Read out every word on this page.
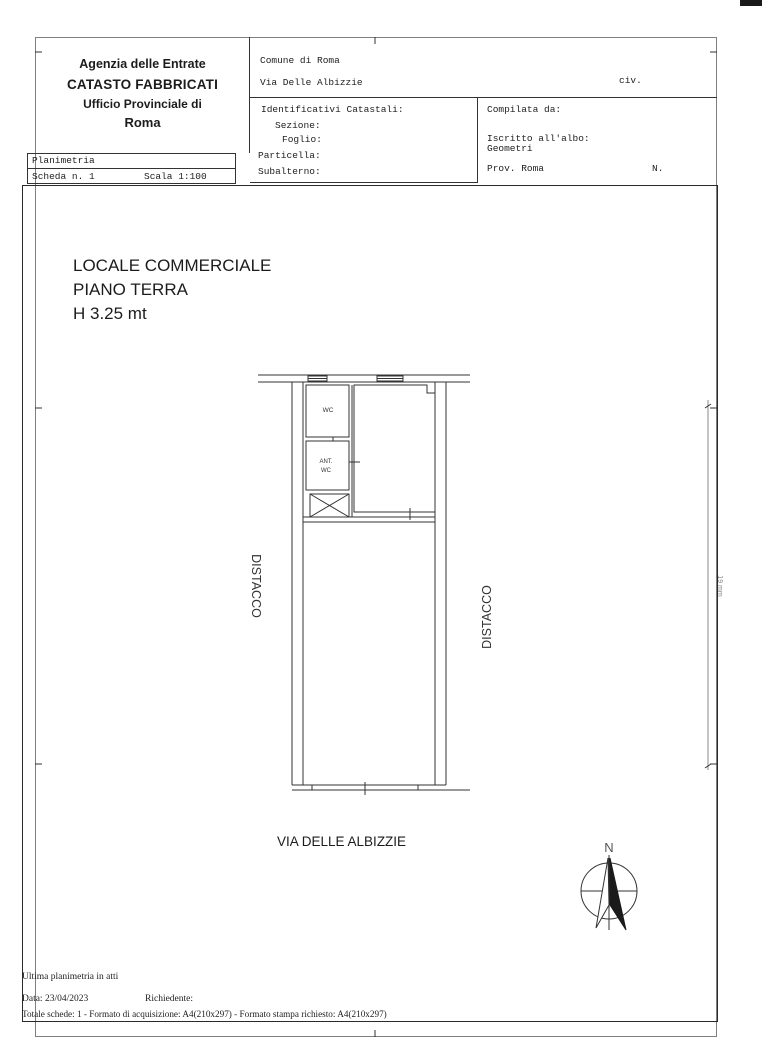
Agenzia delle Entrate
CATASTO FABBRICATI
Ufficio Provinciale di
Roma
Planimetria
Scheda n. 1	Scala 1:100
Comune di Roma
Via Delle Albizzie	civ.
Identificativi Catastali:
Sezione:
Foglio:
Particella:
Subalterno:
Compilata da:
Iscritto all'albo:
Geometri
Prov. Roma	N.
LOCALE COMMERCIALE
PIANO TERRA
H 3.25 mt
WC
ANT.
WC
DISTACCO	DISTACCO
N
19 mm
VIA DELLE ALBIZZIE
Ultima planimetria in atti
Data: 23/04/2023	Richiedente:
Totale schede: 1 - Formato di acquisizione: A4(210x297) - Formato stampa richiesto: A4(210x297)
